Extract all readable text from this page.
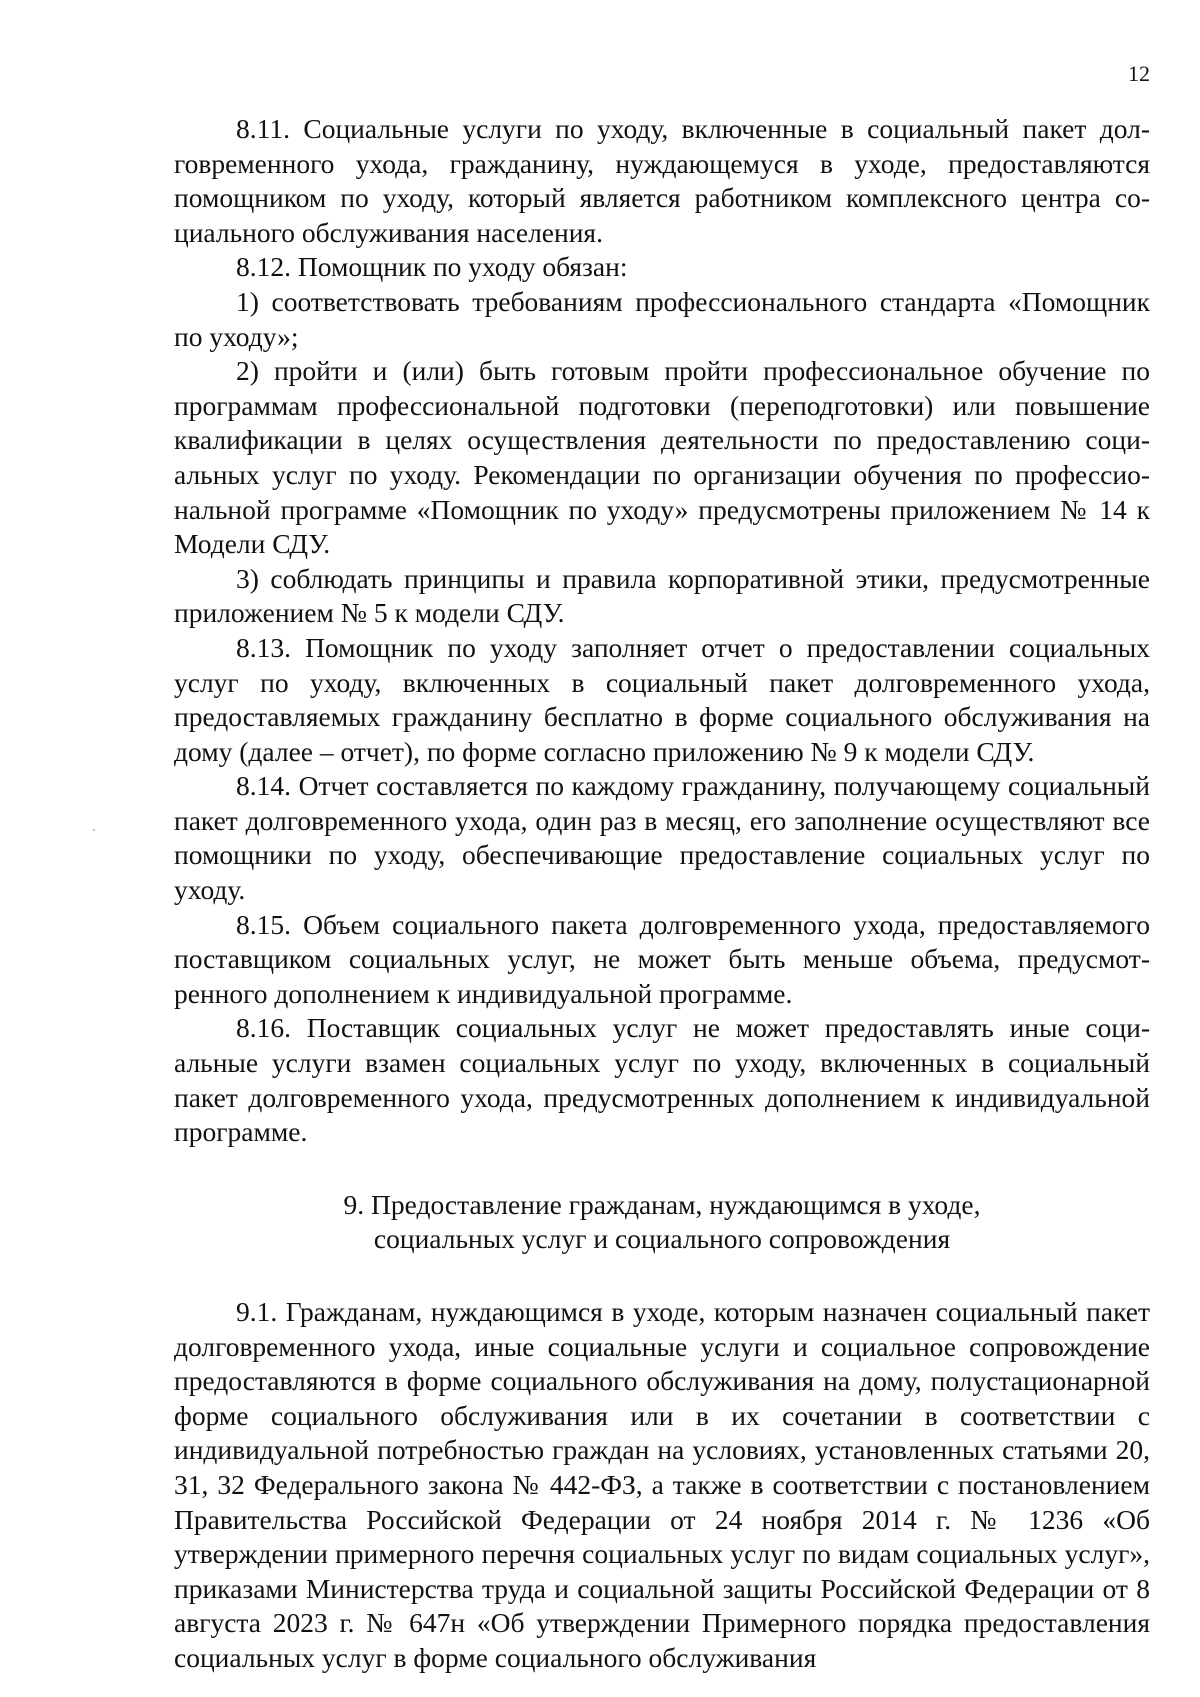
12

8.11. Социальные услуги по уходу, включенные в социальный пакет долговременного ухода, гражданину, нуждающемуся в уходе, предоставляются помощником по уходу, который является работником комплексного центра социального обслуживания населения.

8.12. Помощник по уходу обязан:

1) соответствовать требованиям профессионального стандарта «Помощник по уходу»;

2) пройти и (или) быть готовым пройти профессиональное обучение по программам профессиональной подготовки (переподготовки) или повышение квалификации в целях осуществления деятельности по предоставлению социальных услуг по уходу. Рекомендации по организации обучения по профессиональной программе «Помощник по уходу» предусмотрены приложением № 14 к Модели СДУ.

3) соблюдать принципы и правила корпоративной этики, предусмотренные приложением № 5 к модели СДУ.

8.13. Помощник по уходу заполняет отчет о предоставлении социальных услуг по уходу, включенных в социальный пакет долговременного ухода, предоставляемых гражданину бесплатно в форме социального обслуживания на дому (далее – отчет), по форме согласно приложению № 9 к модели СДУ.

8.14. Отчет составляется по каждому гражданину, получающему социальный пакет долговременного ухода, один раз в месяц, его заполнение осуществляют все помощники по уходу, обеспечивающие предоставление социальных услуг по уходу.

8.15. Объем социального пакета долговременного ухода, предоставляемого поставщиком социальных услуг, не может быть меньше объема, предусмотренного дополнением к индивидуальной программе.

8.16. Поставщик социальных услуг не может предоставлять иные социальные услуги взамен социальных услуг по уходу, включенных в социальный пакет долговременного ухода, предусмотренных дополнением к индивидуальной программе.

9. Предоставление гражданам, нуждающимся в уходе,
социальных услуг и социального сопровождения

9.1. Гражданам, нуждающимся в уходе, которым назначен социальный пакет долговременного ухода, иные социальные услуги и социальное сопровождение предоставляются в форме социального обслуживания на дому, полустационарной форме социального обслуживания или в их сочетании в соответствии с индивидуальной потребностью граждан на условиях, установленных статьями 20, 31, 32 Федерального закона № 442-ФЗ, а также в соответствии с постановлением Правительства Российской Федерации от 24 ноября 2014 г. № 1236 «Об утверждении примерного перечня социальных услуг по видам социальных услуг», приказами Министерства труда и социальной защиты Российской Федерации от 8 августа 2023 г. № 647н «Об утверждении Примерного порядка предоставления социальных услуг в форме социального обслуживания
